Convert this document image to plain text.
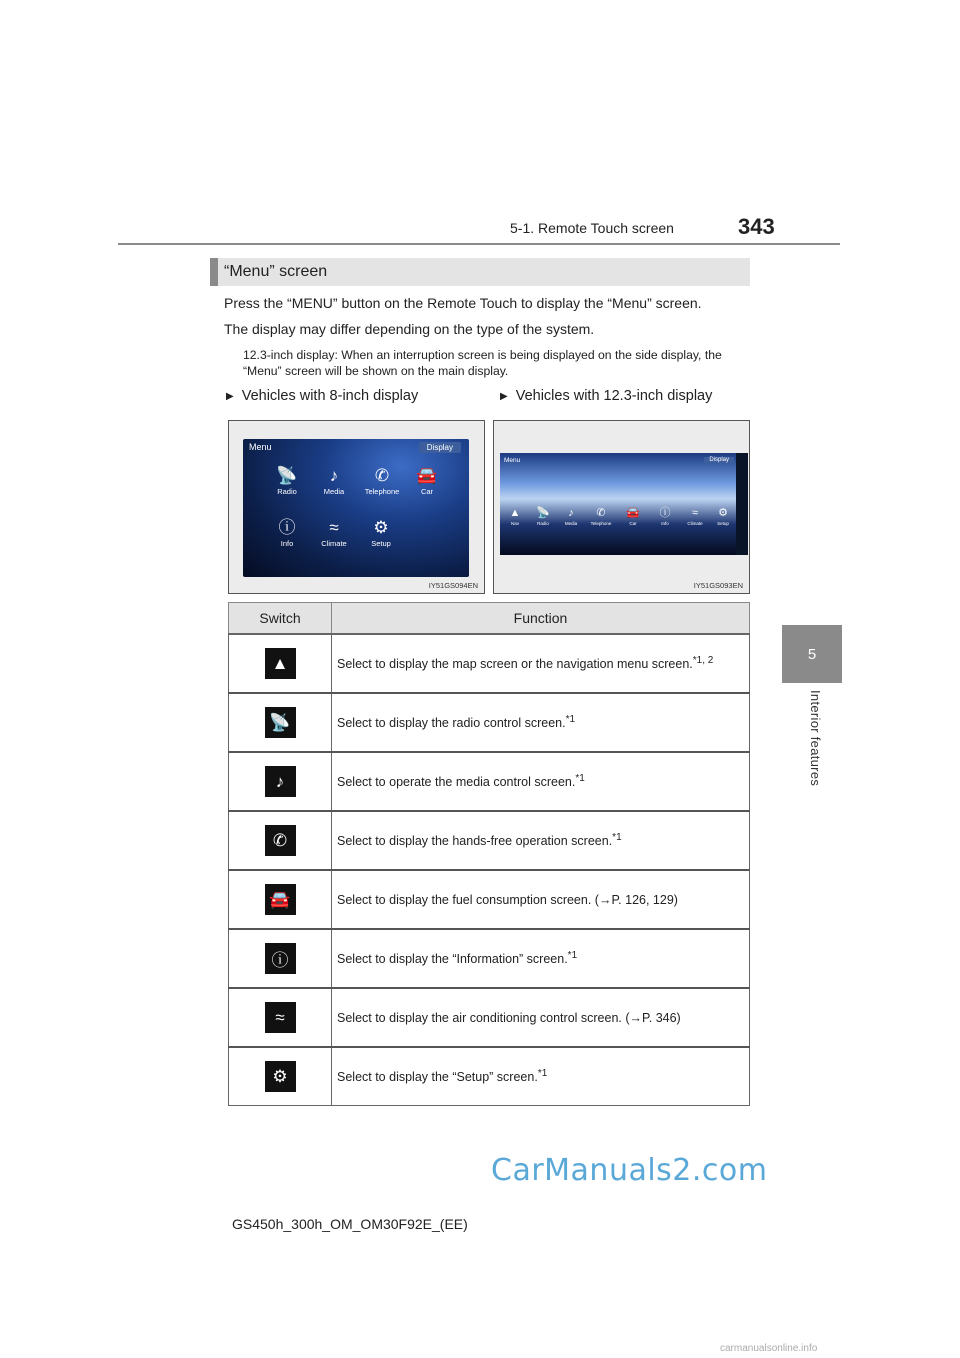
5-1. Remote Touch screen	343
5
Interior features
“Menu” screen
Press the “MENU” button on the Remote Touch to display the “Menu” screen.
The display may differ depending on the type of the system.
12.3-inch display: When an interruption screen is being displayed on the side display, the “Menu” screen will be shown on the main display.
▶ Vehicles with 8-inch display	▶ Vehicles with 12.3-inch display
Menu	Display
📡
Radio
♪
Media
✆
Telephone
🚘
Car
ⓘ
Info
≈
Climate
⚙
Setup
IY51GS094EN
Menu	Display
▲
Nav
📡
Radio
♪
Media
✆
Telephone
🚘
Car
ⓘ
Info
≈
Climate
⚙
Setup
IY51GS093EN
Switch	Function
▲	Select to display the map screen or the navigation menu screen.$^{*1, 2}$
📡	Select to display the radio control screen.$^{*1}$
♪	Select to operate the media control screen.$^{*1}$
✆	Select to display the hands-free operation screen.$^{*1}$
🚘	Select to display the fuel consumption screen. (→P. 126, 129)
ⓘ	Select to display the “Information” screen.$^{*1}$
≈	Select to display the air conditioning control screen. (→P. 346)
⚙	Select to display the “Setup” screen.$^{*1}$
GS450h_300h_OM_OM30F92E_(EE)
CarManuals2.com
carmanualsonline.info
